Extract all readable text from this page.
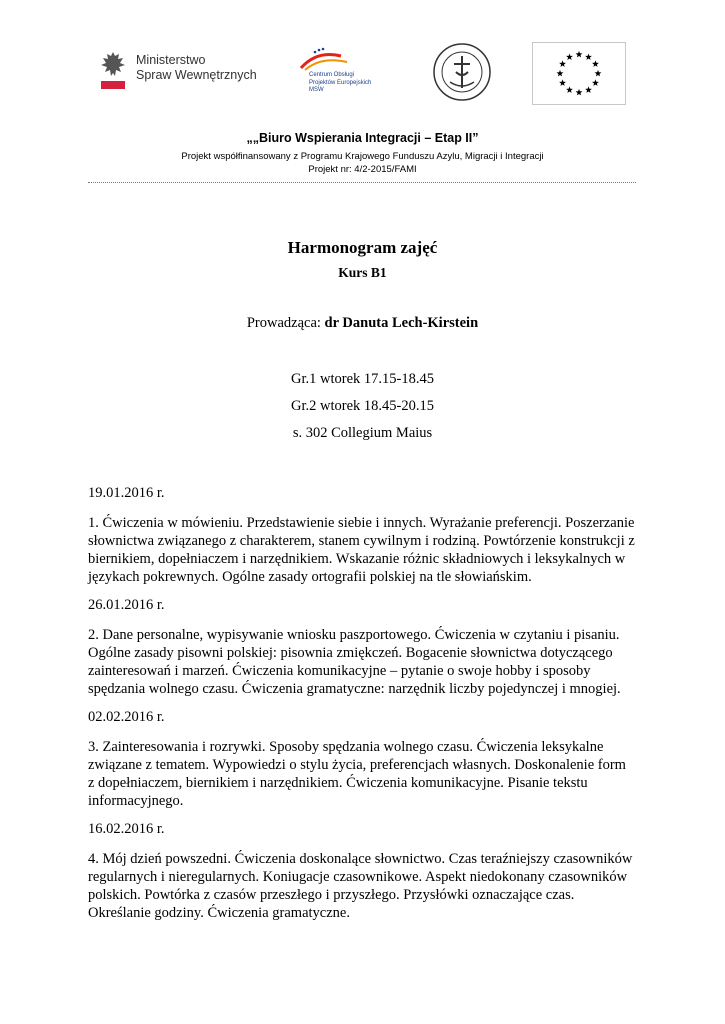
Ministerstwo
Spraw Wewnętrznych	Centrum Obsługi
Projektów Europejskich
MSW
„„Biuro Wspierania Integracji – Etap II”
Projekt współfinansowany z Programu Krajowego Funduszu Azylu, Migracji i Integracji
Projekt nr: 4/2-2015/FAMI
Harmonogram zajęć
Kurs B1
Prowadząca: dr Danuta Lech-Kirstein
Gr.1 wtorek 17.15-18.45
Gr.2 wtorek 18.45-20.15
s. 302 Collegium Maius
19.01.2016 r.
1. Ćwiczenia w mówieniu. Przedstawienie siebie i innych. Wyrażanie preferencji. Poszerzanie słownictwa związanego z charakterem, stanem cywilnym i rodziną. Powtórzenie konstrukcji z biernikiem, dopełniaczem i narzędnikiem. Wskazanie różnic składniowych i leksykalnych w językach pokrewnych. Ogólne zasady ortografii polskiej na tle słowiańskim.
26.01.2016 r.
2. Dane personalne, wypisywanie wniosku paszportowego. Ćwiczenia w czytaniu i pisaniu. Ogólne zasady pisowni polskiej: pisownia zmiękczeń. Bogacenie słownictwa dotyczącego zainteresowań i marzeń. Ćwiczenia komunikacyjne – pytanie o swoje hobby i sposoby spędzania wolnego czasu. Ćwiczenia gramatyczne: narzędnik liczby pojedynczej i mnogiej.
02.02.2016 r.
3. Zainteresowania i rozrywki. Sposoby spędzania wolnego czasu. Ćwiczenia leksykalne związane z tematem. Wypowiedzi o stylu życia, preferencjach własnych. Doskonalenie form z dopełniaczem, biernikiem i narzędnikiem. Ćwiczenia komunikacyjne. Pisanie tekstu informacyjnego.
16.02.2016 r.
4. Mój dzień powszedni. Ćwiczenia doskonalące słownictwo. Czas teraźniejszy czasowników regularnych i nieregularnych. Koniugacje czasownikowe. Aspekt niedokonany czasowników polskich. Powtórka z czasów przeszłego i przyszłego. Przysłówki oznaczające czas. Określanie godziny. Ćwiczenia gramatyczne.
